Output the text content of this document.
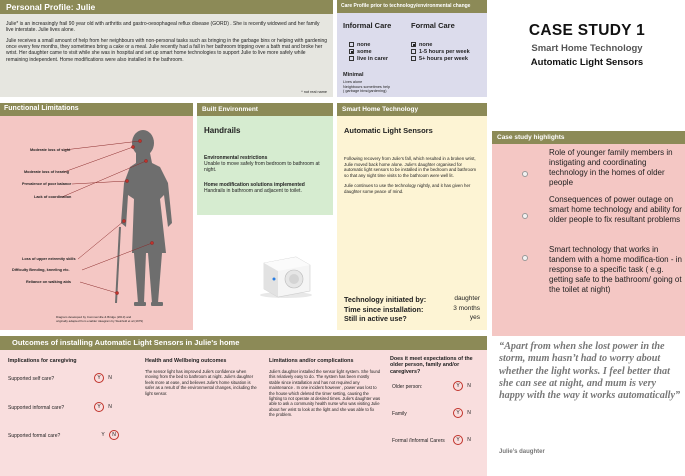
Personal Profile: Julie
Julie* is an increasingly frail 90 year old with arthritis and gastro-oesophageal reflux disease (GORD) . She is recently widowed and her family live interstate. Julie lives alone.
Julie receives a small amount of help from her neighbours with non-personal tasks such as bringing in the garbage bins or helping with gardening once every few months, they sometimes bring a cake or a meal. Julie recently had a fall in her bathroom tripping over a bath mat and broke her wrist. Her daughter came to visit while she was in hospital and set up smart home technologies to support Julie to live more safely while remaining independent. Home modifications were also installed in the bathroom.
* not real name
Care Profile prior to technology/environmental change
Informal Care	Formal Care
none
some
live in carer
none
1-5 hours per week
5+ hours per week
Minimal
Lives alone
Neighbours sometimes help
( garbage bins/gardening)
CASE STUDY 1
Smart Home Technology
Automatic Light Sensors
Functional Limitations
Moderate loss of sight
Moderate loss of hearing
Prevalence of poor balance
Lack of coordination
Loss of upper extremity skills
Difficulty Bending, kneeling etc.
Reliance on walking aids
Diagram developed by Commerville & Bridge (2013) and
originally adapted from enabler ideagram by Steinfeld et al (1979)
Built Environment
Handrails
Environmental restrictions
Unable to move safely from bedroom to bathroom at night.
Home modification solutions implemented
Handrails in bathroom and adjacent to toilet.
Smart Home Technology
Automatic Light Sensors
Following recovery from Julie's fall, which resulted in a broken wrist, Julie moved back home alone. Julie's daughter organised for automatic light sensors to be installed in the bedroom and bathroom so that any night time visits to the bathroom were well lit.
Julie continues to use the technology nightly, and it has given her daughter some peace of mind.
Technology initiated by:	daughter
Time since installation:	3 months
Still in active use?	yes
Case study highlights
Role of younger family members in instigating and coordinating technology in the homes of older people
Consequences of power outage on smart home technology and ability for older people to fix resultant problems
Smart technology that works in tandem with a home modifica-tion - in response to a specific task ( e.g. getting safe to the bathroom/ going ot the toilet at night)
“Apart from when she lost power in the storm, mum hasn’t had to worry about whether the light works. I feel better that she can see at night, and mum is very happy with the way it works automatically”
Julie’s daughter
Outcomes of installing Automatic Light Sensors in Julie's home
Implications for caregiving
Supported self care?	Y N
Supported informal care?	Y N
Supported formal care?	Y N
Health and Wellbeing outcomes
The sensor light has improved Julie's confidence when moving from the bed to bathroom at night. Julie's daughter feels more at ease, and believes Julie's home situation is safer as a result of the environmental changes, including the light sensor.
Limitations and/or complications
Julie's daughter installed the sensor light system. She found this relatively easy to do. The system has been mostly stable since installation and has not required any maintenance . In one incident however , power was lost to the house which deleted the timer setting, causing the lighting to not operate at desired times. Julie's daughter was able to ask a community health nurse who was visiting Julie about her wrist to look at the light and she was able to fix the problem.
Does it meet expectations of the older person, family and/or caregivers?
Older person:	Y N
Family	Y N
Formal /Informal Carers	Y N
